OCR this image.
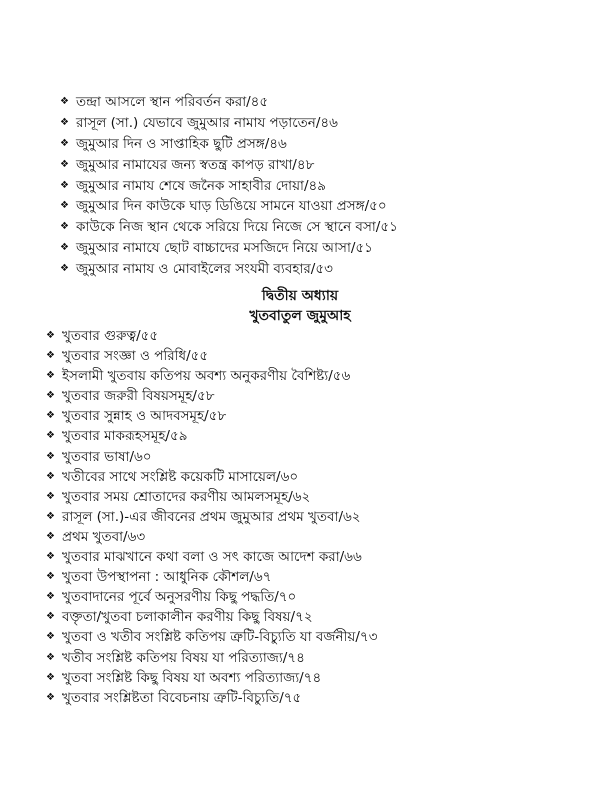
❖ তন্দ্রা আসলে স্থান পরিবর্তন করা/৪৫
❖ রাসূল (সা.) যেভাবে জুমুআর নামায পড়াতেন/৪৬
❖ জুমুআর দিন ও সাপ্তাহিক ছুটি প্রসঙ্গ/৪৬
❖ জুমুআর নামাযের জন্য স্বতন্ত্র কাপড় রাখা/৪৮
❖ জুমুআর নামায শেষে জনৈক সাহাবীর দোয়া/৪৯
❖ জুমুআর দিন কাউকে ঘাড় ডিঙিয়ে সামনে যাওয়া প্রসঙ্গ/৫০
❖ কাউকে নিজ স্থান থেকে সরিয়ে দিয়ে নিজে সে স্থানে বসা/৫১
❖ জুমুআর নামাযে ছোট বাচ্চাদের মসজিদে নিয়ে আসা/৫১
❖ জুমুআর নামায ও মোবাইলের সংযমী ব্যবহার/৫৩
দ্বিতীয় অধ্যায়
খুতবাতুল জুমুআহ
❖ খুতবার গুরুত্ব/৫৫
❖ খুতবার সংজ্ঞা ও পরিধি/৫৫
❖ ইসলামী খুতবায় কতিপয় অবশ্য অনুকরণীয় বৈশিষ্ট্য/৫৬
❖ খুতবার জরুরী বিষয়সমূহ/৫৮
❖ খুতবার সুন্নাহ ও আদবসমূহ/৫৮
❖ খুতবার মাকরূহসমূহ/৫৯
❖ খুতবার ভাষা/৬০
❖ খতীবের সাথে সংশ্লিষ্ট কয়েকটি মাসায়েল/৬০
❖ খুতবার সময় শ্রোতাদের করণীয় আমলসমূহ/৬২
❖ রাসূল (সা.)-এর জীবনের প্রথম জুমুআর প্রথম খুতবা/৬২
❖ প্রথম খুতবা/৬৩
❖ খুতবার মাঝখানে কথা বলা ও সৎ কাজে আদেশ করা/৬৬
❖ খুতবা উপস্থাপনা : আধুনিক কৌশল/৬৭
❖ খুতবাদানের পূর্বে অনুসরণীয় কিছু পদ্ধতি/৭০
❖ বক্তৃতা/খুতবা চলাকালীন করণীয় কিছু বিষয়/৭২
❖ খুতবা ও খতীব সংশ্লিষ্ট কতিপয় ত্রুটি-বিচ্যুতি যা বর্জনীয়/৭৩
❖ খতীব সংশ্লিষ্ট কতিপয় বিষয় যা পরিত্যাজ্য/৭৪
❖ খুতবা সংশ্লিষ্ট কিছু বিষয় যা অবশ্য পরিত্যাজ্য/৭৪
❖ খুতবার সংশ্লিষ্টতা বিবেচনায় ত্রুটি-বিচ্যুতি/৭৫
